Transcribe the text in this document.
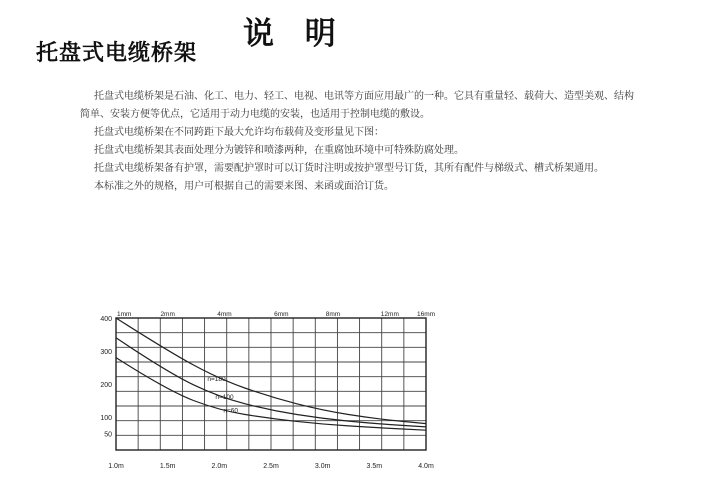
托盘式电缆桥架
说 明

托盘式电缆桥架是石油、化工、电力、轻工、电视、电讯等方面应用最广的一种。它具有重量轻、载荷大、造型美观、结构简单、安装方便等优点，它适用于动力电缆的安装，也适用于控制电缆的敷设。

托盘式电缆桥架在不同跨距下最大允许均布载荷及变形量见下图：

托盘式电缆桥架其表面处理分为镀锌和喷漆两种，在重腐蚀环境中可特殊防腐处理。

托盘式电缆桥架备有护罩，需要配护罩时可以订货时注明或按护罩型号订货，其所有配件与梯级式、槽式桥架通用。

本标准之外的规格，用户可根据自己的需要来图、来函或面洽订货。

1.0m	1.5m	2.0m	2.5m	3.0m	3.5m	4.0m
1mm	2mm	4mm	6mm	8mm	12mm	16mm
400
300
200
100
50
n=180
n=100
n=60
